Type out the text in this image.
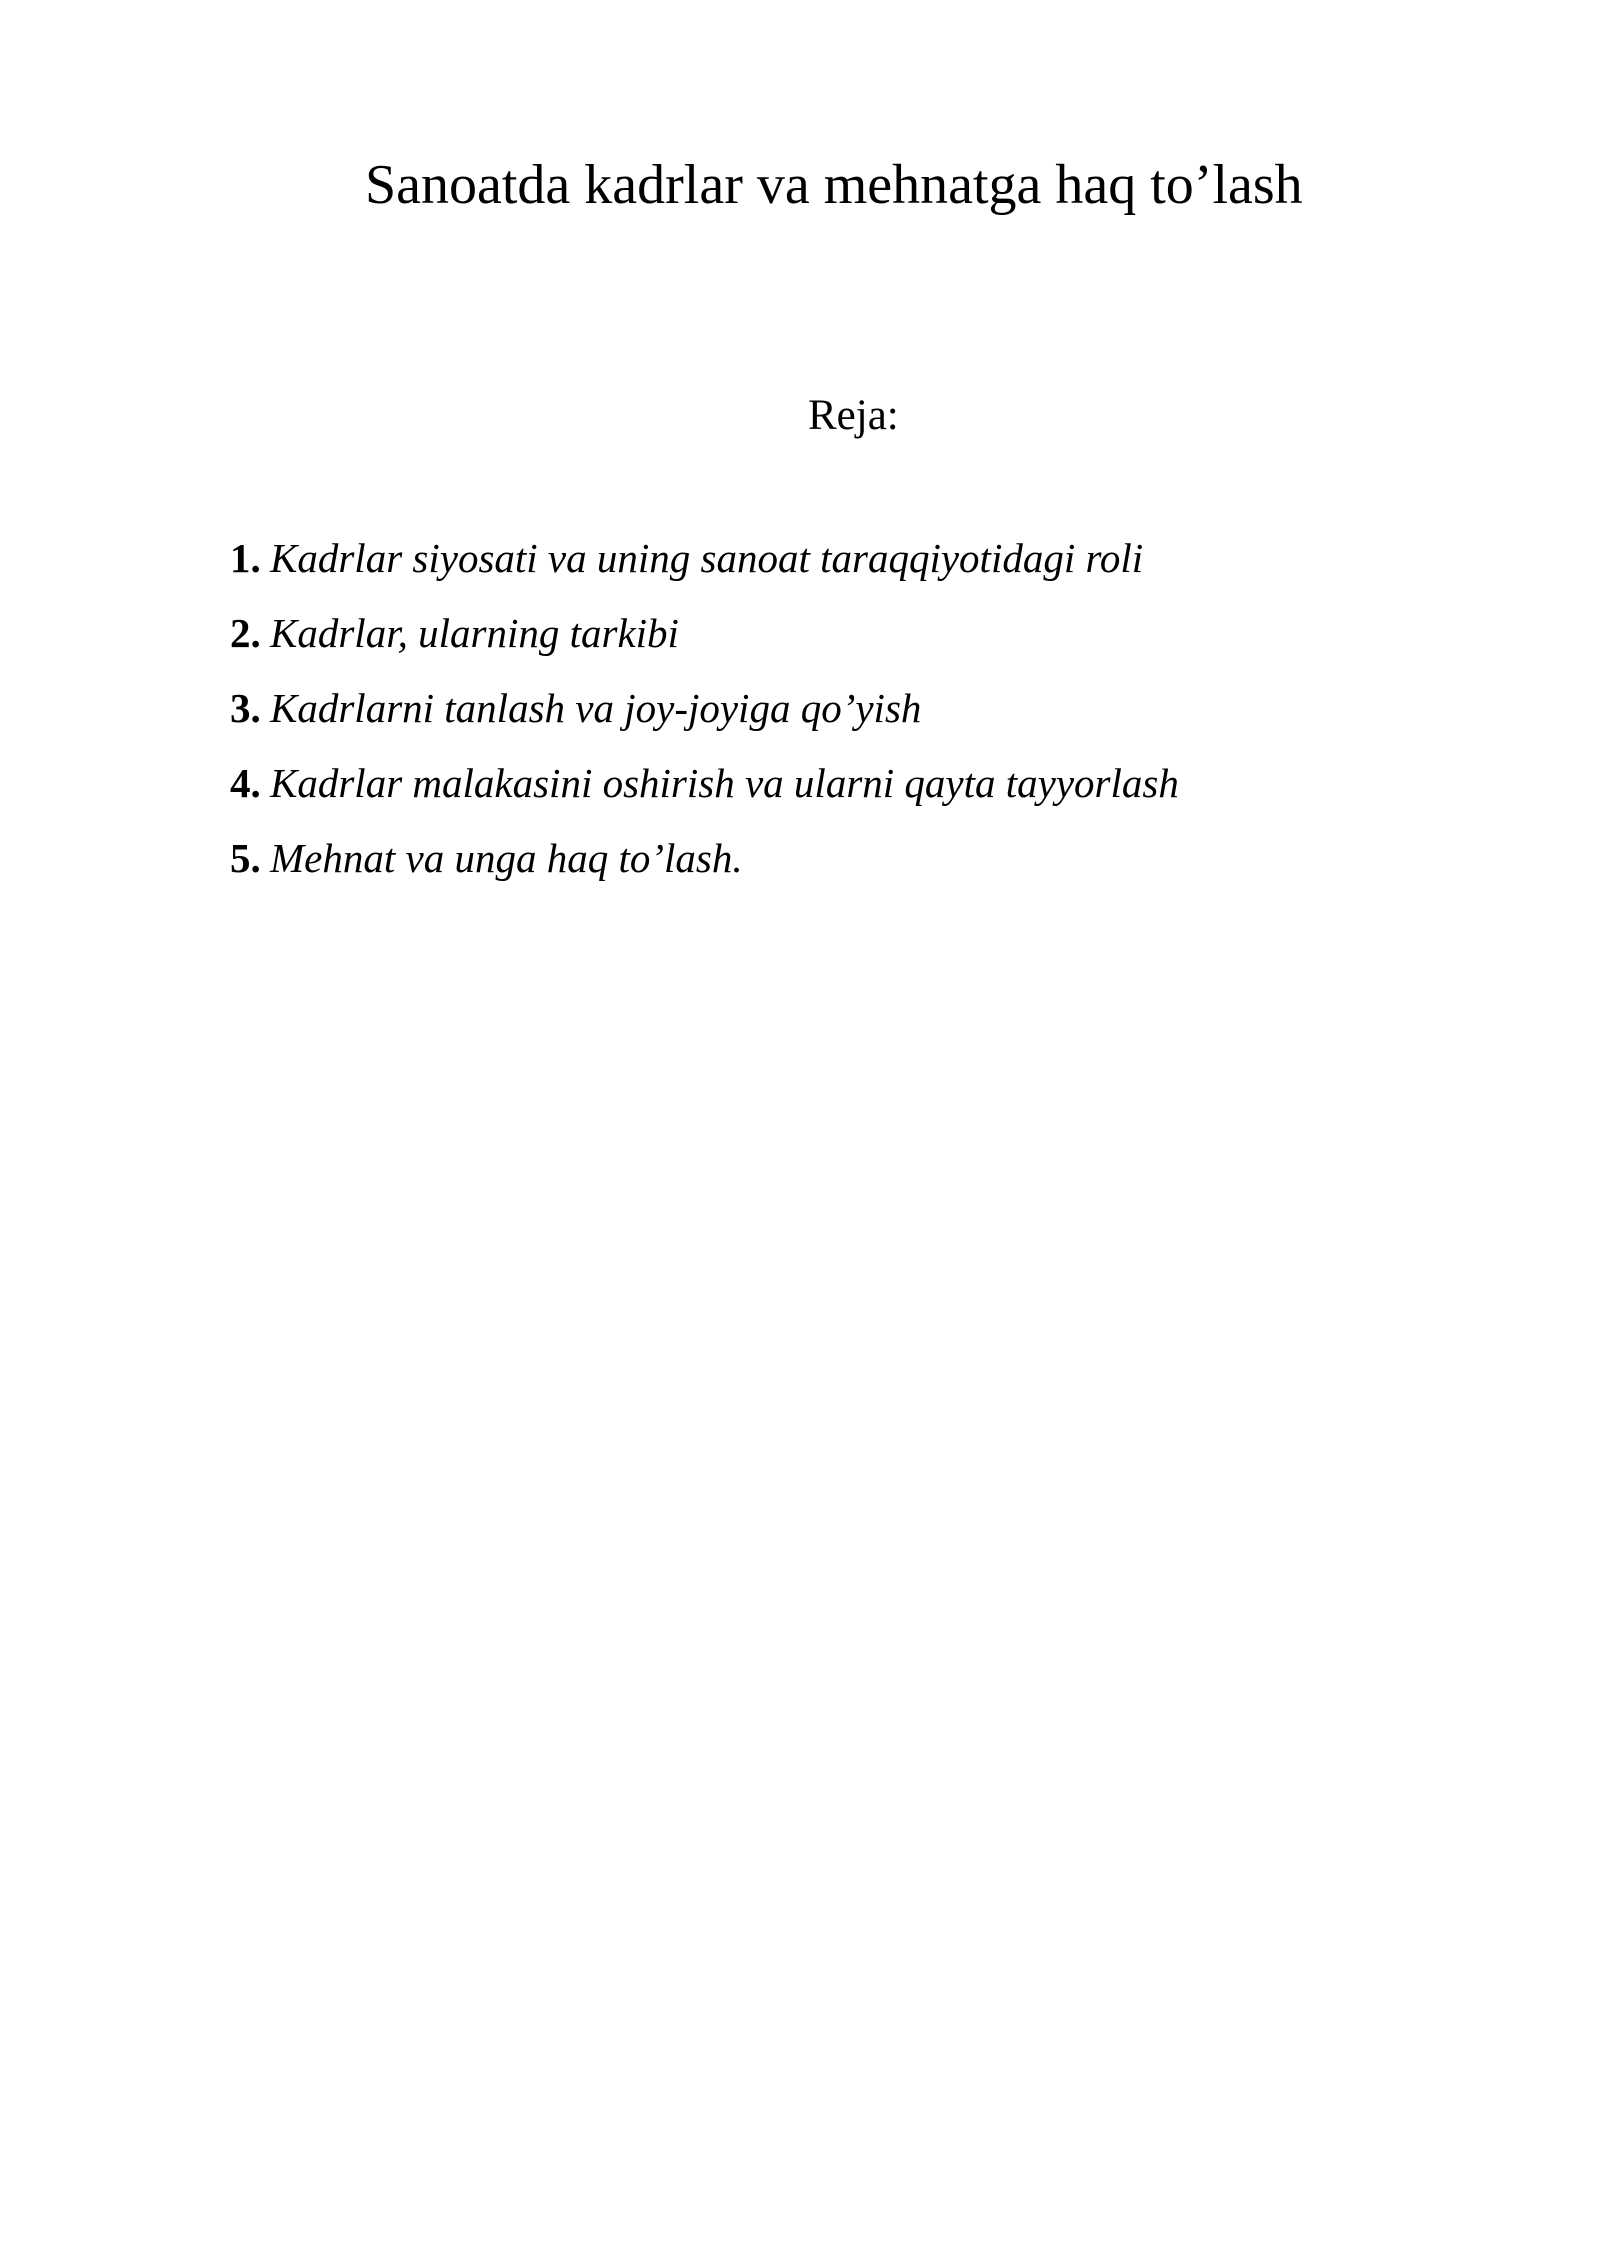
Sanoatda kadrlar va mehnatga haq to’lash
Reja:
1. Kadrlar siyosati va uning sanoat taraqqiyotidagi roli
2. Kadrlar, ularning tarkibi
3. Kadrlarni tanlash va joy-joyiga qo’yish
4. Kadrlar malakasini oshirish va ularni qayta tayyorlash
5. Mehnat va unga haq to’lash.
